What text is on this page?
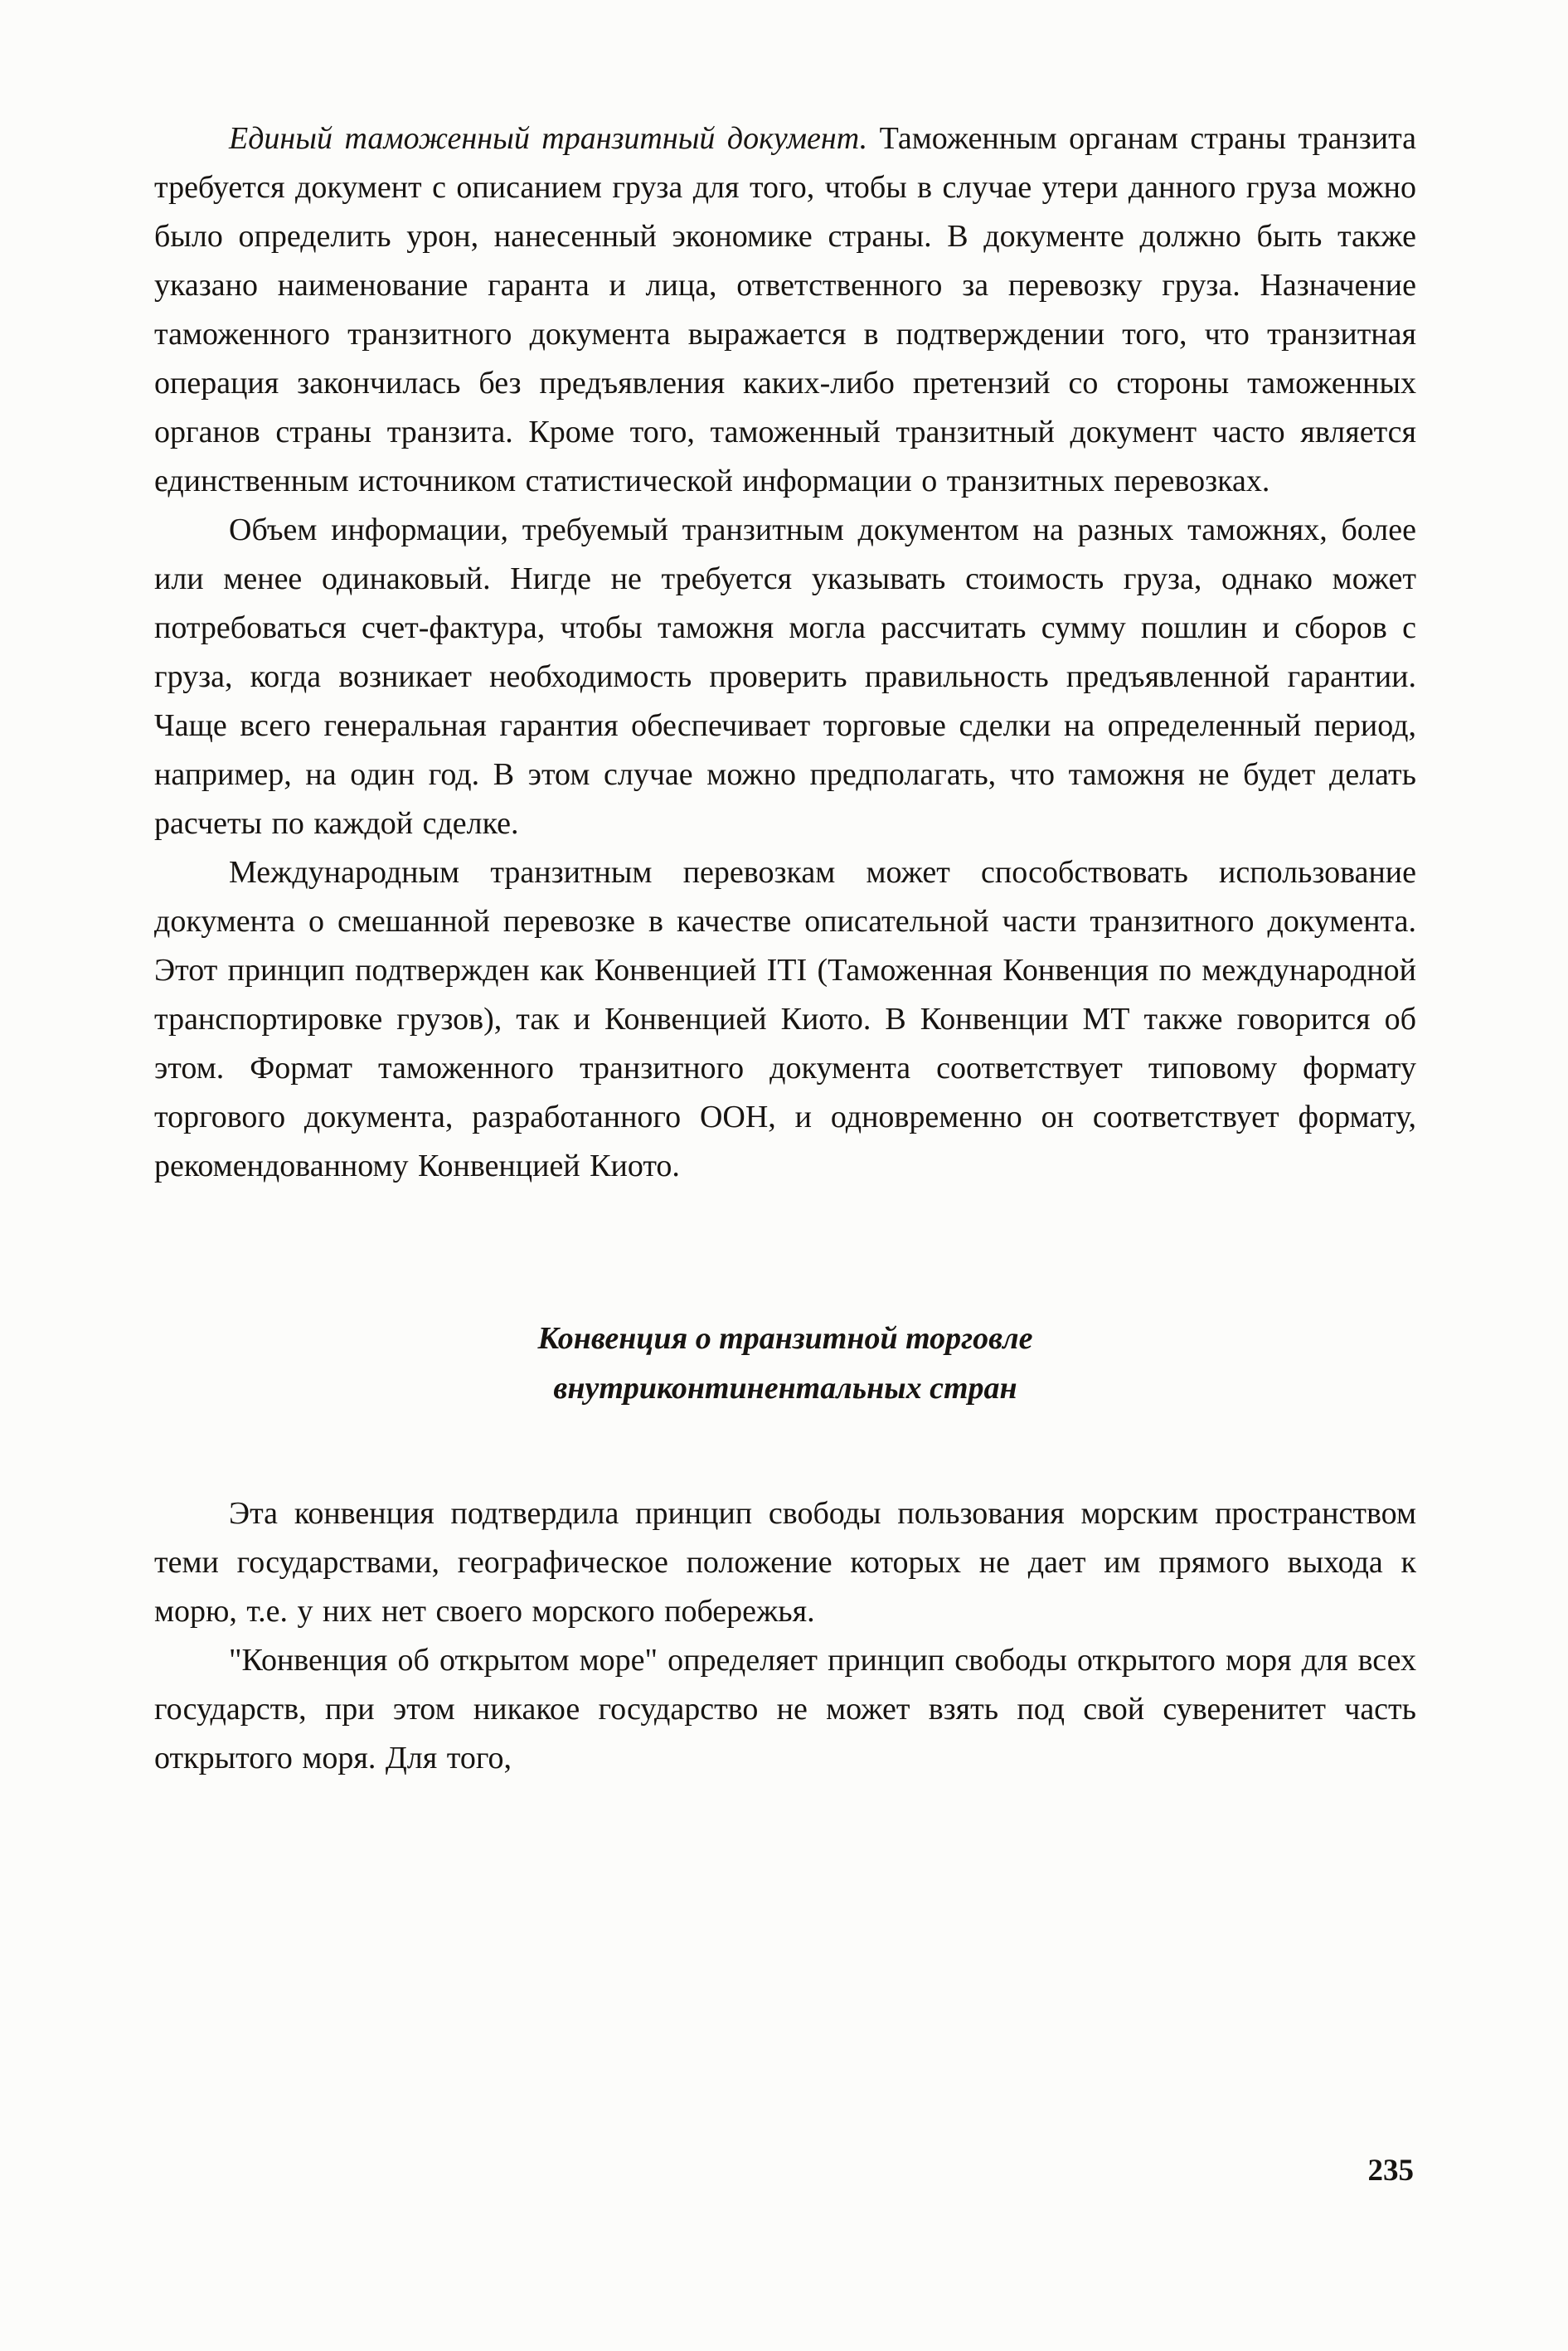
Единый таможенный транзитный документ. Таможенным органам страны транзита требуется документ с описанием груза для того, чтобы в случае утери данного груза можно было определить урон, нанесенный экономике страны. В документе должно быть также указано наименование гаранта и лица, ответственного за перевозку груза. Назначение таможенного транзитного документа выражается в подтверждении того, что транзитная операция закончилась без предъявления каких-либо претензий со стороны таможенных органов страны транзита. Кроме того, таможенный транзитный документ часто является единственным источником статистической информации о транзитных перевозках.

Объем информации, требуемый транзитным документом на разных таможнях, более или менее одинаковый. Нигде не требуется указывать стоимость груза, однако может потребоваться счет-фактура, чтобы таможня могла рассчитать сумму пошлин и сборов с груза, когда возникает необходимость проверить правильность предъявленной гарантии. Чаще всего генеральная гарантия обеспечивает торговые сделки на определенный период, например, на один год. В этом случае можно предполагать, что таможня не будет делать расчеты по каждой сделке.

Международным транзитным перевозкам может способствовать использование документа о смешанной перевозке в качестве описательной части транзитного документа. Этот принцип подтвержден как Конвенцией ITI (Таможенная Конвенция по международной транспортировке грузов), так и Конвенцией Киото. В Конвенции МТ также говорится об этом. Формат таможенного транзитного документа соответствует типовому формату торгового документа, разработанного ООН, и одновременно он соответствует формату, рекомендованному Конвенцией Киото.

Конвенция о транзитной торговле
внутриконтинентальных стран

Эта конвенция подтвердила принцип свободы пользования морским пространством теми государствами, географическое положение которых не дает им прямого выхода к морю, т.е. у них нет своего морского побережья.

"Конвенция об открытом море" определяет принцип свободы открытого моря для всех государств, при этом никакое государство не может взять под свой суверенитет часть открытого моря. Для того,

235
